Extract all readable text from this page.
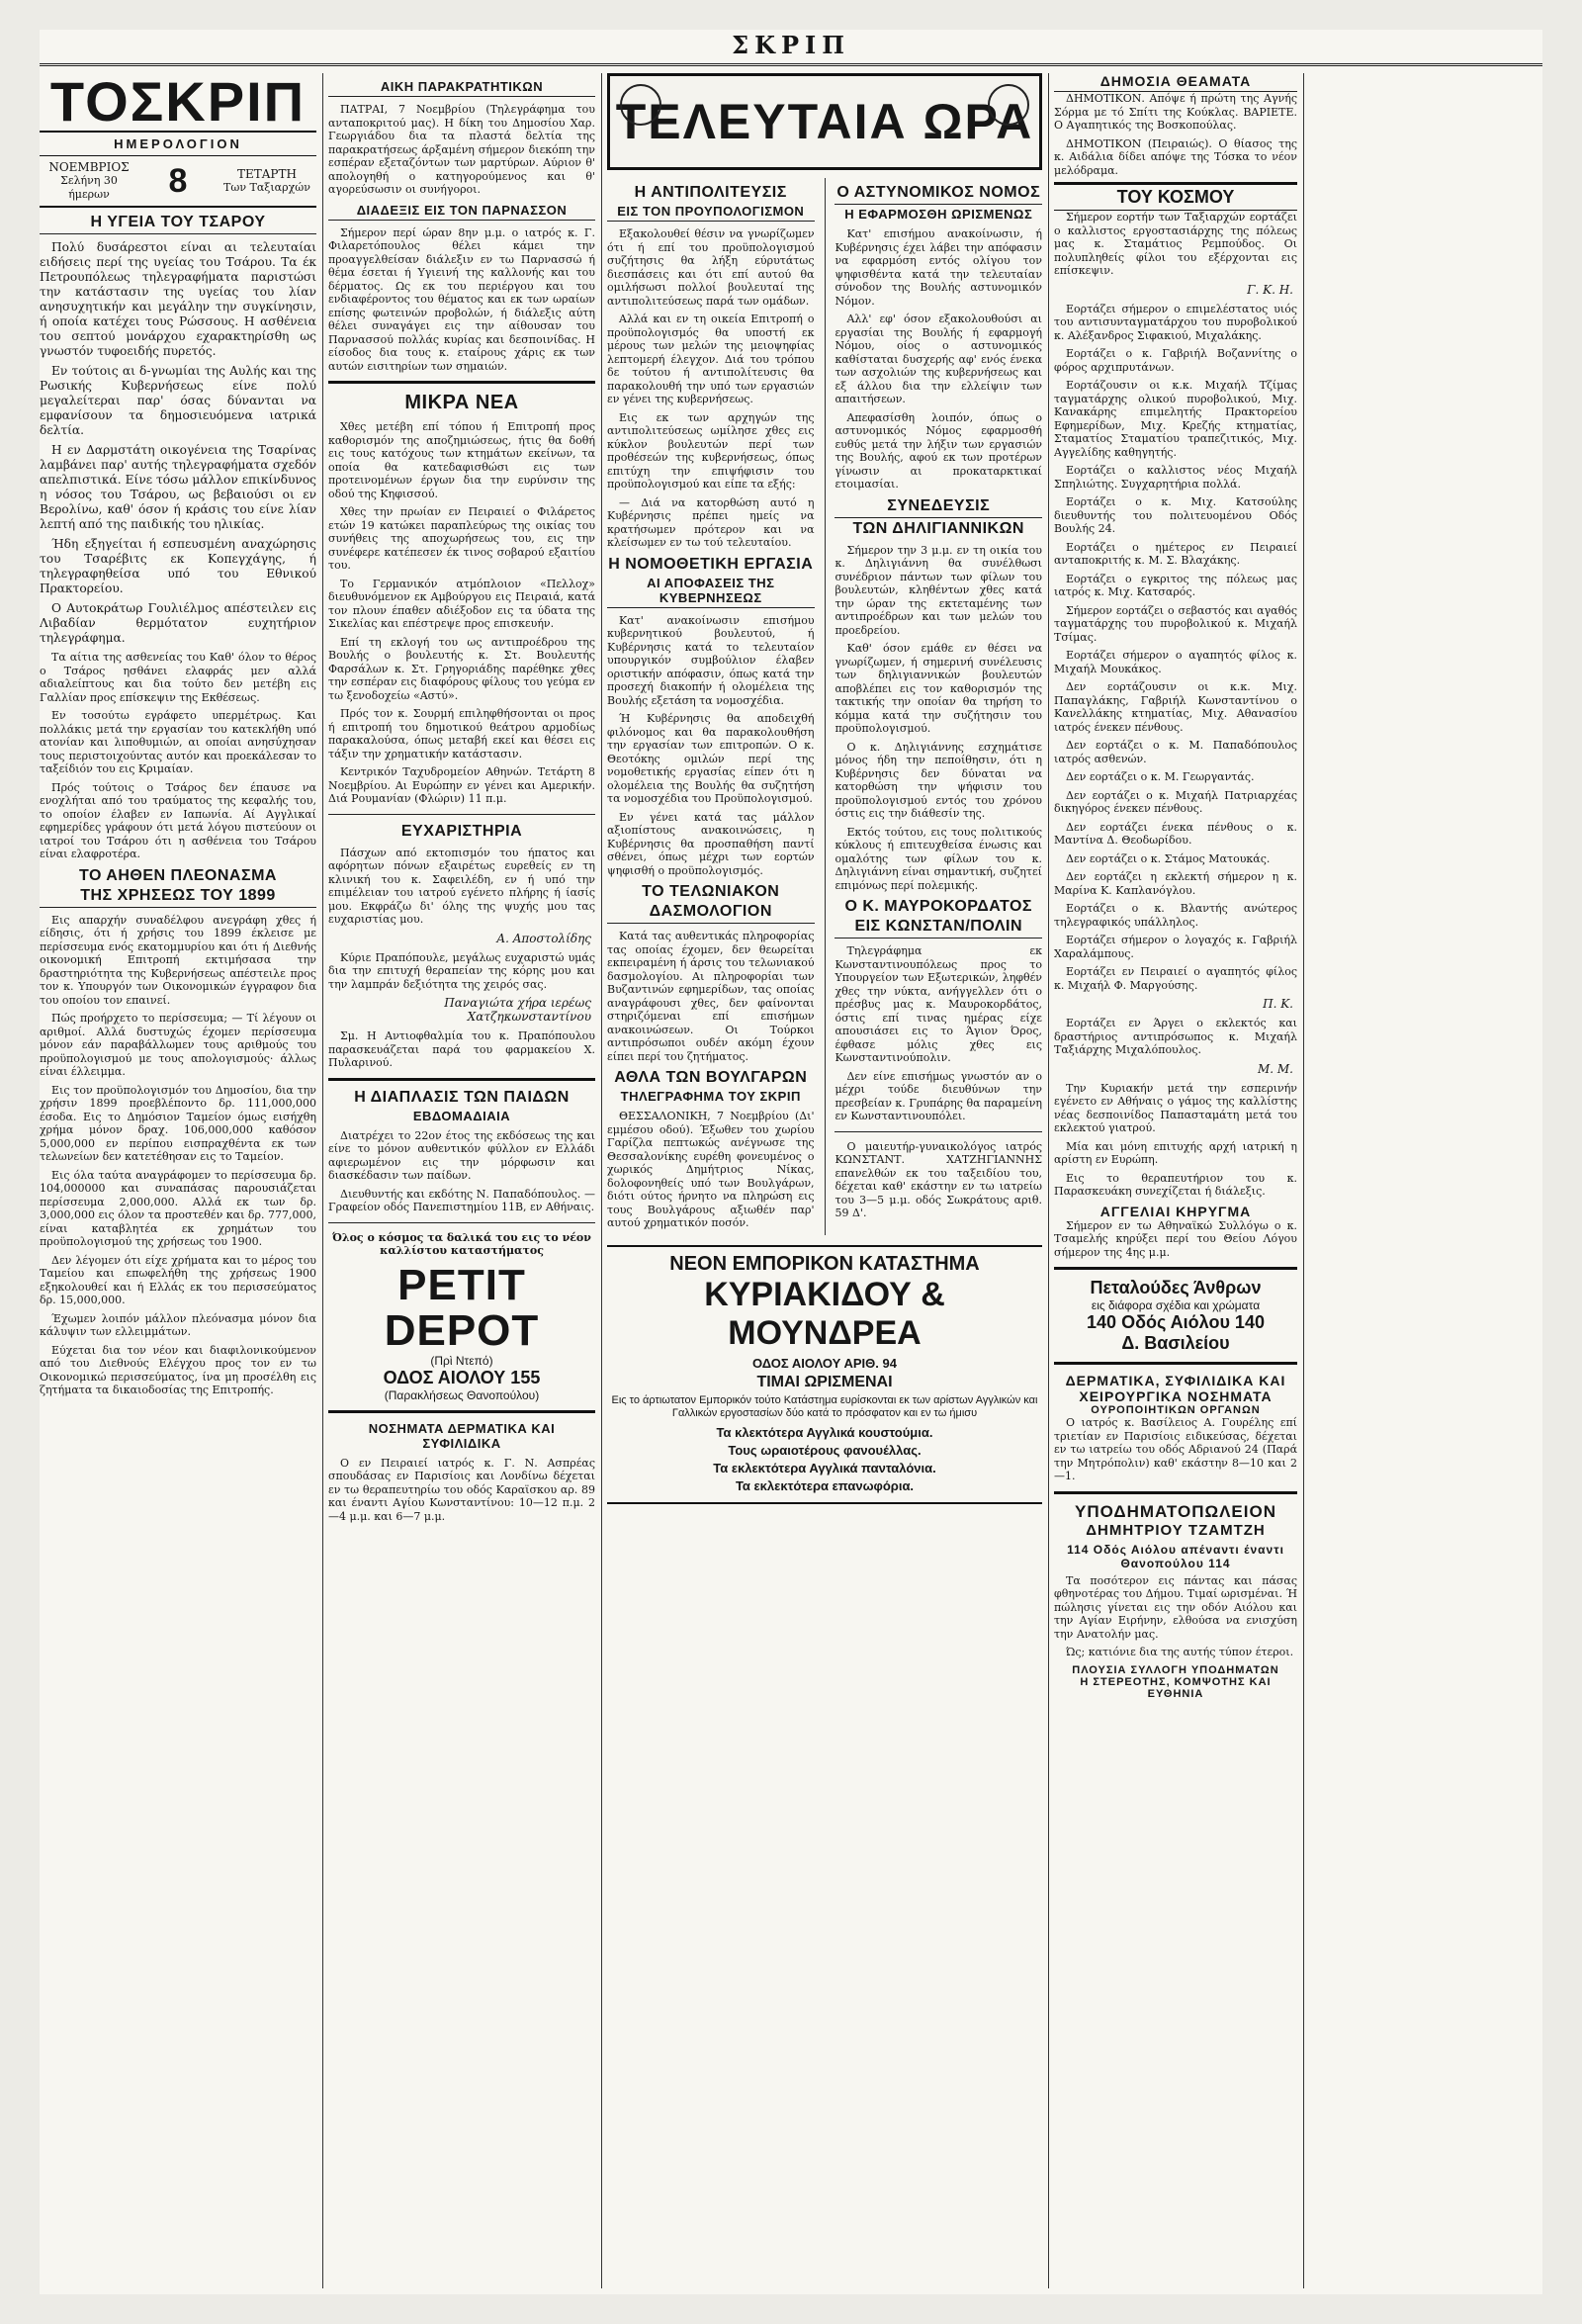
ΣΚΡΙΠ
ΤΟΣΚΡΙΠ
ΗΜΕΡΟΛΟΓΙΟΝ
ΝΟΕΜΒΡΙΟΣ
Σελήνη 30 ήμερων	8	ΤΕΤΑΡΤΗ
Των Ταξιαρχών
Η ΥΓΕΙΑ ΤΟΥ ΤΣΑΡΟΥ

Πολύ δυσάρεστοι είναι αι τελευταίαι ειδήσεις περί της υγείας του Τσάρου. Τα έκ Πετρουπόλεως τηλεγραφήματα παριστώσι την κατάστασιν της υγείας του λίαν ανησυχητικήν και μεγάλην την συγκίνησιν, ή οποία κατέχει τους Ρώσσους. Η ασθένεια του σεπτού μονάρχου εχαρακτηρίσθη ως γνωστόν τυφοειδής πυρετός.

Εν τούτοις αι δ-γνωμίαι της Αυλής και της Ρωσικής Κυβερνήσεως είνε πολύ μεγαλείτεραι παρ' όσας δύνανται να εμφανίσουν τα δημοσιευόμενα ιατρικά δελτία.

Η εν Δαρμστάτη οικογένεια της Τσαρίνας λαμβάνει παρ' αυτής τηλεγραφήματα σχεδόν απελπιστικά. Είνε τόσω μάλλον επικίνδυνος η νόσος του Τσάρου, ως βεβαιούσι οι εν Βερολίνω, καθ' όσον ή κράσις του είνε λίαν λεπτή από της παιδικής του ηλικίας.

Ήδη εξηγείται ή εσπευσμένη αναχώρησις του Τσαρέβιτς εκ Κοπεγχάγης, ή τηλεγραφηθείσα υπό του Εθνικού Πρακτορείου.

Ο Αυτοκράτωρ Γουλιέλμος απέστειλεν εις Λιβαδίαν θερμότατον ευχητήριον τηλεγράφημα.

Τα αίτια της ασθενείας του Καθ' όλον το θέρος ο Τσάρος ησθάνει ελαφράς μεν αλλά αδιαλείπτους και δια τούτο δεν μετέβη εις Γαλλίαν προς επίσκεψιν της Εκθέσεως.

Εν τοσούτω εγράφετο υπερμέτρως. Και πολλάκις μετά την εργασίαν του κατεκλήθη υπό ατονίαν και λιποθυμιών, αι οποίαι ανησύχησαν τους περιστοιχούντας αυτόν και προεκάλεσαν το ταξείδιόν του εις Κριμαίαν.

Πρός τούτοις ο Τσάρος δεν έπαυσε να ενοχλήται από του τραύματος της κεφαλής του, το οποίον έλαβεν εν Ιαπωνία. Αί Αγγλικαί εφημερίδες γράφουν ότι μετά λόγου πιστεύουν οι ιατροί του Τσάρου ότι η ασθένεια του Τσάρου είναι ελαφροτέρα.

ΤΟ ΑΗΘΕΝ ΠΛΕΟΝΑΣΜΑ
ΤΗΣ ΧΡΗΣΕΩΣ ΤΟΥ 1899

Εις απαρχήν συναδέλφου ανεγράφη χθες ή είδησις, ότι ή χρήσις του 1899 έκλεισε με περίσσευμα ενός εκατομμυρίου και ότι ή Διεθνής οικονομική Επιτροπή εκτιμήσασα την δραστηριότητα της Κυβερνήσεως απέστειλε προς τον κ. Υπουργόν των Οικονομικών έγγραφον δια του οποίου τον επαινεί.

Πώς προήρχετο το περίσσευμα; — Τί λέγουν οι αριθμοί. Αλλά δυστυχώς έχομεν περίσσευμα μόνον εάν παραβάλλωμεν τους αριθμούς του προϋπολογισμού με τους απολογισμούς· άλλως είναι έλλειμμα.

Εις τον προϋπολογισμόν του Δημοσίου, δια την χρήσιν 1899 προεβλέποντο δρ. 111,000,000 έσοδα. Εις το Δημόσιον Ταμείον όμως εισήχθη χρήμα μόνον δραχ. 106,000,000 καθόσον 5,000,000 εν περίπου εισπραχθέντα εκ των τελωνείων δεν κατετέθησαν εις το Ταμείον.

Εις όλα ταύτα αναγράφομεν το περίσσευμα δρ. 104,000000 και συναπάσας παρουσιάζεται περίσσευμα 2,000,000. Αλλά εκ των δρ. 3,000,000 εις όλον τα προστεθέν και δρ. 777,000, είναι καταβλητέα εκ χρημάτων του προϋπολογισμού της χρήσεως του 1900.

Δεν λέγομεν ότι είχε χρήματα και το μέρος του Ταμείου και επωφελήθη της χρήσεως 1900 εξηκολουθεί και ή Ελλάς εκ του περισσεύματος δρ. 15,000,000.

Έχωμεν λοιπόν μάλλον πλεόνασμα μόνον δια κάλυψιν των ελλειμμάτων.

Εύχεται δια τον νέον και διαφιλονικούμενον από του Διεθνούς Ελέγχου προς τον εν τω Οικονομικώ περισσεύματος, ίνα μη προσέλθη εις ζητήματα τα δικαιοδοσίας της Επιτροπής.

ΑΙΚΗ ΠΑΡΑΚΡΑΤΗΤΙΚΩΝ

ΠΑΤΡΑΙ, 7 Νοεμβρίου (Τηλεγράφημα του ανταποκριτού μας). Η δίκη του Δημοσίου Χαρ. Γεωργιάδου δια τα πλαστά δελτία της παρακρατήσεως άρξαμένη σήμερον διεκόπη την εσπέραν εξεταζόντων των μαρτύρων. Αύριον θ' απολογηθή ο κατηγορούμενος και θ' αγορεύσωσιν οι συνήγοροι.

ΔΙΑΔΕΞΙΣ ΕΙΣ ΤΟΝ ΠΑΡΝΑΣΣΟΝ

Σήμερον περί ώραν 8ην μ.μ. ο ιατρός κ. Γ. Φιλαρετόπουλος θέλει κάμει την προαγγελθείσαν διάλεξιν εν τω Παρνασσώ ή θέμα έσεται ή Υγιεινή της καλλονής και του δέρματος. Ως εκ του περιέργου και του ενδιαφέροντος του θέματος και εκ των ωραίων επίσης φωτεινών προβολών, ή διάλεξις αύτη θέλει συναγάγει εις την αίθουσαν του Παρνασσού πολλάς κυρίας και δεσποινίδας. Η είσοδος δια τους κ. εταίρους χάρις εκ των αυτών εισιτηρίων των σημαιών.

ΜΙΚΡΑ ΝΕΑ

Χθες μετέβη επί τόπου ή Επιτροπή προς καθορισμόν της αποζημιώσεως, ήτις θα δοθή εις τους κατόχους των κτημάτων εκείνων, τα οποία θα κατεδαφισθώσι εις των προτεινομένων έργων δια την ευρύνσιν της οδού της Κηφισσού.

Χθες την πρωίαν εν Πειραιεί ο Φιλάρετος ετών 19 κατώκει παραπλεύρως της οικίας του συνήθεις της αποχωρήσεως του, εις την συνέφερε κατέπεσεν έκ τινος σοβαρού εξαιτίου του.

Το Γερμανικόν ατμόπλοιον «Πελλοχ» διευθυνόμενον εκ Αμβούργου εις Πειραιά, κατά τον πλουν έπαθεν αδιέξοδον εις τα ύδατα της Σικελίας και επέστρεψε προς επισκευήν.

Επί τη εκλογή του ως αντιπροέδρου της Βουλής ο βουλευτής κ. Στ. Βουλευτής Φαρσάλων κ. Στ. Γρηγοριάδης παρέθηκε χθες την εσπέραν εις διαφόρους φίλους του γεύμα εν τω ξενοδοχείω «Αστύ».

Πρός τον κ. Σουρμή επιληφθήσονται οι προς ή επιτροπή του δημοτικού θεάτρου αρμοδίως παρακαλούσα, όπως μεταβή εκεί και θέσει εις τάξιν την χρηματικήν κατάστασιν.

Κεντρικόν Ταχυδρομείον Αθηνών. Τετάρτη 8 Νοεμβρίου. Αι Ευρώπην εν γένει και Αμερικήν. Διά Ρουμανίαν (Φλώριν) 11 π.μ.

ΕΥΧΑΡΙΣΤΗΡΙΑ

Πάσχων από εκτοπισμόν του ήπατος και αφόρητων πόνων εξαιρέτως ευρεθείς εν τη κλινική του κ. Σαφειλέδη, εν ή υπό την επιμέλειαν του ιατρού εγένετο πλήρης ή ίασίς μου. Εκφράζω δι' όλης της ψυχής μου τας ευχαριστίας μου.

Α. Αποστολίδης

Κύριε Πραπόπουλε, μεγάλως ευχαριστώ υμάς δια την επιτυχή θεραπείαν της κόρης μου και την λαμπράν δεξιότητα της χειρός σας.

Παναγιώτα χήρα ιερέως Χατζηκωνσταντίνου

Σμ. Η Αντιοφθαλμία του κ. Πραπόπουλου παρασκευάζεται παρά του φαρμακείου Χ. Πυλαρινού.

Η ΔΙΑΠΛΑΣΙΣ ΤΩΝ ΠΑΙΔΩΝ
ΕΒΔΟΜΑΔΙΑΙΑ

Διατρέχει το 22ον έτος της εκδόσεως της και είνε το μόνον αυθεντικόν φύλλον εν Ελλάδι αφιερωμένον εις την μόρφωσιν και διασκέδασιν των παίδων.

Διευθυντής και εκδότης Ν. Παπαδόπουλος. — Γραφείον οδός Πανεπιστημίου 11Β, εν Αθήναις.

Όλος ο κόσμος τα δαλικά του εις το νέον καλλίστου καταστήματος

PETIT DEPOT
(Πρὶ Ντεπό)
ΟΔΟΣ ΑΙΟΛΟΥ 155
(Παρακλήσεως Θανοπούλου)
ΝΟΣΗΜΑΤΑ ΔΕΡΜΑΤΙΚΑ ΚΑΙ ΣΥΦΙΛΙΔΙΚΑ

Ο εν Πειραιεί ιατρός κ. Γ. Ν. Ασπρέας σπουδάσας εν Παρισίοις και Λονδίνω δέχεται εν τω θεραπευτηρίω του οδός Καραϊσκου αρ. 89 και έναντι Αγίου Κωνσταντίνου: 10—12 π.μ. 2—4 μ.μ. και 6—7 μ.μ.

ΤΕΛΕΥΤΑΙΑ ΩΡΑ
Η ΑΝΤΙΠΟΛΙΤΕΥΣΙΣ
ΕΙΣ ΤΟΝ ΠΡΟΥΠΟΛΟΓΙΣΜΟΝ

Εξακολουθεί θέσιν να γνωρίζωμεν ότι ή επί του προϋπολογισμού συζήτησις θα λήξη εύρυτάτως διεσπάσεις και ότι επί αυτού θα ομιλήσωσι πολλοί βουλευταί της αντιπολιτεύσεως παρά των ομάδων.

Αλλά και εν τη οικεία Επιτροπή ο προϋπολογισμός θα υποστή εκ μέρους των μελών της μειοψηφίας λεπτομερή έλεγχον. Διά του τρόπου δε τούτου ή αντιπολίτευσις θα παρακολουθή την υπό των εργασιών εν γένει της κυβερνήσεως.

Εις εκ των αρχηγών της αντιπολιτεύσεως ωμίλησε χθες εις κύκλον βουλευτών περί των προθέσεών της κυβερνήσεως, όπως επιτύχη την επιψήφισιν του προϋπολογισμού και είπε τα εξής:

— Διά να κατορθώση αυτό η Κυβέρνησις πρέπει ημείς να κρατήσωμεν πρότερον και να κλείσωμεν εν τω τού τελευταίου.

Η ΝΟΜΟΘΕΤΙΚΗ ΕΡΓΑΣΙΑ
ΑΙ ΑΠΟΦΑΣΕΙΣ ΤΗΣ ΚΥΒΕΡΝΗΣΕΩΣ

Κατ' ανακοίνωσιν επισήμου κυβερνητικού βουλευτού, ή Κυβέρνησις κατά το τελευταίον υπουργικόν συμβούλιον έλαβεν οριστικήν απόφασιν, όπως κατά την προσεχή διακοπήν ή ολομέλεια της Βουλής εξετάση τα νομοσχέδια.

Ή Κυβέρνησις θα αποδειχθή φιλόνομος και θα παρακολουθήση την εργασίαν των επιτροπών. Ο κ. Θεοτόκης ομιλών περί της νομοθετικής εργασίας είπεν ότι η ολομέλεια της Βουλής θα συζητήση τα νομοσχέδια του Προϋπολογισμού.

Εν γένει κατά τας μάλλον αξιοπίστους ανακοινώσεις, η Κυβέρνησις θα προσπαθήση παντί σθένει, όπως μέχρι των εορτών ψηφισθή ο προϋπολογισμός.

ΤΟ ΤΕΛΩΝΙΑΚΟΝ
ΔΑΣΜΟΛΟΓΙΟΝ

Κατά τας αυθεντικάς πληροφορίας τας οποίας έχομεν, δεν θεωρείται εκπειραμένη ή άρσις του τελωνιακού δασμολογίου. Αι πληροφορίαι των Βυζαντινών εφημερίδων, τας οποίας αναγράφουσι χθες, δεν φαίνονται στηριζόμεναι επί επισήμων ανακοινώσεων. Οι Τούρκοι αντιπρόσωποι ουδέν ακόμη έχουν είπει περί του ζητήματος.

ΑΘΛΑ ΤΩΝ ΒΟΥΛΓΑΡΩΝ
ΤΗΛΕΓΡΑΦΗΜΑ ΤΟΥ ΣΚΡΙΠ

ΘΕΣΣΑΛΟΝΙΚΗ, 7 Νοεμβρίου (Δι' εμμέσου οδού). Έξωθεν του χωρίου Γαρίζλα πεπτωκώς ανέγνωσε της Θεσσαλονίκης ευρέθη φονευμένος ο χωρικός Δημήτριος Νίκας, δολοφονηθείς υπό των Βουλγάρων, διότι ούτος ήρνητο να πληρώση εις τους Βουλγάρους αξιωθέν παρ' αυτού χρηματικόν ποσόν.

Ο ΑΣΤΥΝΟΜΙΚΟΣ ΝΟΜΟΣ
Η ΕΦΑΡΜΟΣΘΗ ΩΡΙΣΜΕΝΩΣ

Κατ' επισήμου ανακοίνωσιν, ή Κυβέρνησις έχει λάβει την απόφασιν να εφαρμόση εντός ολίγου τον ψηφισθέντα κατά την τελευταίαν σύνοδον της Βουλής αστυνομικόν Νόμον.

Αλλ' εφ' όσον εξακολουθούσι αι εργασίαι της Βουλής ή εφαρμογή Νόμου, οίος ο αστυνομικός καθίσταται δυσχερής αφ' ενός ένεκα των ασχολιών της κυβερνήσεως και εξ άλλου δια την ελλείψιν των απαιτήσεων.

Απεφασίσθη λοιπόν, όπως ο αστυνομικός Νόμος εφαρμοσθή ευθύς μετά την λήξιν των εργασιών της Βουλής, αφού εκ των προτέρων γίνωσιν αι προκαταρκτικαί ετοιμασίαι.

ΣΥΝΕΔΕΥΣΙΣ
ΤΩΝ ΔΗΛΙΓΙΑΝΝΙΚΩΝ

Σήμερον την 3 μ.μ. εν τη οικία του κ. Δηλιγιάννη θα συνέλθωσι συνέδριον πάντων των φίλων του βουλευτών, κληθέντων χθες κατά την ώραν της εκτεταμένης των αντιπροέδρων και των μελών του προεδρείου.

Καθ' όσον εμάθε εν θέσει να γνωρίζωμεν, ή σημερινή συνέλευσις των δηλιγιαννικών βουλευτών αποβλέπει εις τον καθορισμόν της τακτικής την οποίαν θα τηρήση το κόμμα κατά την συζήτησιν του προϋπολογισμού.

Ο κ. Δηλιγιάννης εσχημάτισε μόνος ήδη την πεποίθησιν, ότι η Κυβέρνησις δεν δύναται να κατορθώση την ψήφισιν του προϋπολογισμού εντός του χρόνου όστις εις την διάθεσίν της.

Εκτός τούτου, εις τους πολιτικούς κύκλους ή επιτευχθείσα ένωσις και ομαλότης των φίλων του κ. Δηλιγιάννη είναι σημαντική, συζητεί επιμόνως περί πολεμικής.

Ο Κ. ΜΑΥΡΟΚΟΡΔΑΤΟΣ
ΕΙΣ ΚΩΝΣΤΑΝ/ΠΟΛΙΝ

Τηλεγράφημα εκ Κωνσταντινουπόλεως προς το Υπουργείον των Εξωτερικών, ληφθέν χθες την νύκτα, ανήγγελλεν ότι ο πρέσβυς μας κ. Μαυροκορδάτος, όστις επί τινας ημέρας είχε απουσιάσει εις το Άγιον Όρος, έφθασε μόλις χθες εις Κωνσταντινούπολιν.

Δεν είνε επισήμως γνωστόν αν ο μέχρι τούδε διευθύνων την πρεσβείαν κ. Γρυπάρης θα παραμείνη εν Κωνσταντινουπόλει.

Ο μαιευτήρ-γυναικολόγος ιατρός ΚΩΝΣΤΑΝΤ. ΧΑΤΖΗΓΙΑΝΝΗΣ επανελθών εκ του ταξειδίου του, δέχεται καθ' εκάστην εν τω ιατρείω του 3—5 μ.μ. οδός Σωκράτους αριθ. 59 Δ'.

ΝΕΟΝ ΕΜΠΟΡΙΚΟΝ ΚΑΤΑΣΤΗΜΑ
ΚΥΡΙΑΚΙΔΟΥ & ΜΟΥΝΔΡΕΑ
ΟΔΟΣ ΑΙΟΛΟΥ ΑΡΙΘ. 94
ΤΙΜΑΙ ΩΡΙΣΜΕΝΑΙ

Εις το άρτιωτατον Εμπορικόν τούτο Κατάστημα ευρίσκονται εκ των αρίστων Αγγλικών και Γαλλικών εργοστασίων δύο κατά το πρόσφατον και εν τω ήμισυ

Τα κλεκτότερα Αγγλικά κουστούμια.
Τους ωραιοτέρους φανουέλλας.
Τα εκλεκτότερα Αγγλικά πανταλόνια.
Τα εκλεκτότερα επανωφόρια.
ΔΗΜΟΣΙΑ ΘΕΑΜΑΤΑ

ΔΗΜΟΤΙΚΟΝ. Απόψε ή πρώτη της Αγνής Σόρμα με τό Σπίτι της Κούκλας. ΒΑΡΙΕΤΕ. Ο Αγαπητικός της Βοσκοπούλας.

ΔΗΜΟΤΙΚΟΝ (Πειραιώς). Ο θίασος της κ. Αιδάλια δίδει απόψε της Τόσκα το νέον μελόδραμα.

ΤΟΥ ΚΟΣΜΟΥ

Σήμερον εορτήν των Ταξιαρχών εορτάζει ο καλλιστος εργοστασιάρχης της πόλεως μας κ. Σταμάτιος Ρεμπούδος. Οι πολυπληθείς φίλοι του εξέρχονται εις επίσκεψιν.

Γ. Κ. Η.

Εορτάζει σήμερον ο επιμελέστατος υιός του αντισυνταγματάρχου του πυροβολικού κ. Αλέξανδρος Σιφακιού, Μιχαλάκης.

Εορτάζει ο κ. Γαβριήλ Βοζαννίτης ο φόρος αρχιπρυτάνων.

Εορτάζουσιν οι κ.κ. Μιχαήλ Τζίμας ταγματάρχης ολικού πυροβολικού, Μιχ. Κανακάρης επιμελητής Πρακτορείου Εφημερίδων, Μιχ. Κρεζής κτηματίας, Σταματίος Σταματίου τραπεζιτικός, Μιχ. Αγγελίδης καθηγητής.

Εορτάζει ο καλλιστος νέος Μιχαήλ Σπηλιώτης. Συγχαρητήρια πολλά.

Εορτάζει ο κ. Μιχ. Κατσούλης διευθυντής του πολιτευομένου Οδός Βουλής 24.

Εορτάζει ο ημέτερος εν Πειραιεί ανταποκριτής κ. Μ. Σ. Βλαχάκης.

Εορτάζει ο εγκριτος της πόλεως μας ιατρός κ. Μιχ. Κατσαρός.

Σήμερον εορτάζει ο σεβαστός και αγαθός ταγματάρχης του πυροβολικού κ. Μιχαήλ Τσίμας.

Εορτάζει σήμερον ο αγαπητός φίλος κ. Μιχαήλ Μουκάκος.

Δεν εορτάζουσιν οι κ.κ. Μιχ. Παπαγλάκης, Γαβριήλ Κωνσταντίνου ο Κανελλάκης κτηματίας, Μιχ. Αθανασίου ιατρός ένεκεν πένθους.

Δεν εορτάζει ο κ. Μ. Παπαδόπουλος ιατρός ασθενών.

Δεν εορτάζει ο κ. Μ. Γεωργαντάς.

Δεν εορτάζει ο κ. Μιχαήλ Πατριαρχέας δικηγόρος ένεκεν πένθους.

Δεν εορτάζει ένεκα πένθους ο κ. Μαντίνα Δ. Θεοδωρίδου.

Δεν εορτάζει ο κ. Στάμος Ματουκάς.

Δεν εορτάζει η εκλεκτή σήμερον η κ. Μαρίνα Κ. Καπλανόγλου.

Εορτάζει ο κ. Βλαντής ανώτερος τηλεγραφικός υπάλληλος.

Εορτάζει σήμερον ο λογαχός κ. Γαβριήλ Χαραλάμπους.

Εορτάζει εν Πειραιεί ο αγαπητός φίλος κ. Μιχαήλ Φ. Μαργούσης.

Π. Κ.

Εορτάζει εν Άργει ο εκλεκτός και δραστήριος αντιπρόσωπος κ. Μιχαήλ Ταξιάρχης Μιχαλόπουλος.

Μ. Μ.

Την Κυριακήν μετά την εσπερινήν εγένετο εν Αθήναις ο γάμος της καλλίστης νέας δεσποινίδος Παπασταμάτη μετά του εκλεκτού γιατρού.

Μία και μόνη επιτυχής αρχή ιατρική η αρίστη εν Ευρώπη.

Εις το θεραπευτήριον του κ. Παρασκευάκη συνεχίζεται ή διάλεξις.

ΑΓΓΕΛΙΑΙ ΚΗΡΥΓΜΑ

Σήμερον εν τω Αθηναϊκώ Συλλόγω ο κ. Τσαμελής κηρύξει περί του Θείου Λόγου σήμερον της 4ης μ.μ.

Πεταλούδες Άνθρων
εις διάφορα σχέδια και χρώματα
140 Οδός Αιόλου 140
Δ. Βασιλείου
ΔΕΡΜΑΤΙΚΑ, ΣΥΦΙΛΙΔΙΚΑ ΚΑΙ ΧΕΙΡΟΥΡΓΙΚΑ ΝΟΣΗΜΑΤΑ
ΟΥΡΟΠΟΙΗΤΙΚΩΝ ΟΡΓΑΝΩΝ

Ο ιατρός κ. Βασίλειος Α. Γουρέλης επί τριετίαν εν Παρισίοις ειδικεύσας, δέχεται εν τω ιατρείω του οδός Αδριανού 24 (Παρά την Μητρόπολιν) καθ' εκάστην 8—10 και 2—1.

ΥΠΟΔΗΜΑΤΟΠΩΛΕΙΟΝ
ΔΗΜΗΤΡΙΟΥ ΤΖΑΜΤΖΗ
114 Οδός Αιόλου απέναντι έναντι Θανοπούλου 114

Τα ποσότερον εις πάντας και πάσας φθηνοτέρας του Δήμου. Τιμαί ωρισμέναι. Ή πώλησις γίνεται εις την οδόν Αιόλου και την Αγίαν Ειρήνην, ελθούσα να ενισχύση την Ανατολήν μας.

Ώς; κατιόνιε δια της αυτής τύπον έτεροι.

ΠΛΟΥΣΙΑ ΣΥΛΛΟΓΗ ΥΠΟΔΗΜΑΤΩΝ
Η ΣΤΕΡΕΟΤΗΣ, ΚΟΜΨΟΤΗΣ ΚΑΙ ΕΥΘΗΝΙΑ
